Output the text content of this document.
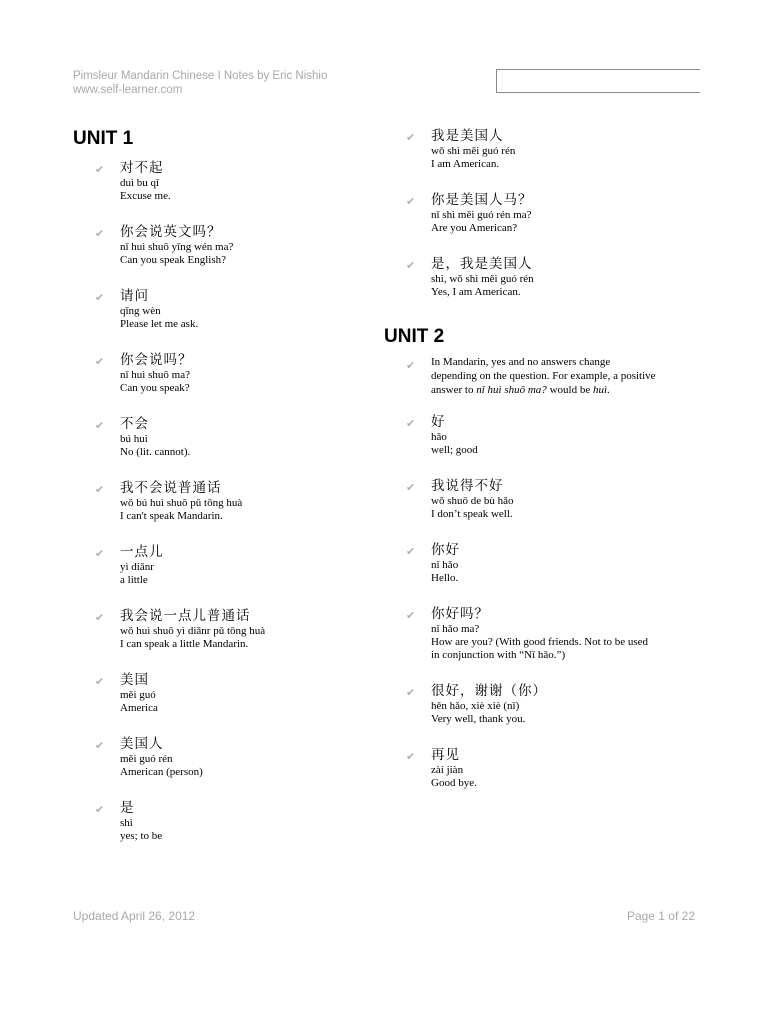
Pimsleur Mandarin Chinese I Notes by Eric Nishio
www.self-learner.com
UNIT 1
✔ 对不起
duì bu qǐ
Excuse me.
✔ 你会说英文吗？
nǐ huì shuō yīng wén ma?
Can you speak English?
✔ 请问
qǐng wèn
Please let me ask.
✔ 你会说吗？
nǐ huì shuō ma?
Can you speak?
✔ 不会
bú huì
No (lit. cannot).
✔ 我不会说普通话
wǒ bú huì shuō pǔ tōng huà
I can't speak Mandarin.
✔ 一点儿
yì diǎnr
a little
✔ 我会说一点儿普通话
wǒ huì shuō yì diǎnr pǔ tōng huà
I can speak a little Mandarin.
✔ 美国
měi guó
America
✔ 美国人
měi guó rén
American (person)
✔ 是
shì
yes; to be
✔ 我是美国人
wǒ shì měi guó rén
I am American.
✔ 你是美国人马？
nǐ shì měi guó rén ma?
Are you American?
✔ 是，我是美国人
shì, wǒ shì měi guó rén
Yes, I am American.
UNIT 2
✔ In Mandarin, yes and no answers change
depending on the question. For example, a positive
answer to nǐ huì shuō ma? would be huì.
✔ 好
hǎo
well; good
✔ 我说得不好
wǒ shuō de bù hǎo
I don’t speak well.
✔ 你好
nǐ hǎo
Hello.
✔ 你好吗？
nǐ hǎo ma?
How are you? (With good friends. Not to be used
in conjunction with “Nǐ hǎo.”)
✔ 很好，谢谢（你）
hěn hǎo, xiè xiè (nǐ)
Very well, thank you.
✔ 再见
zài jiàn
Good bye.
Updated April 26, 2012	Page 1 of 22
